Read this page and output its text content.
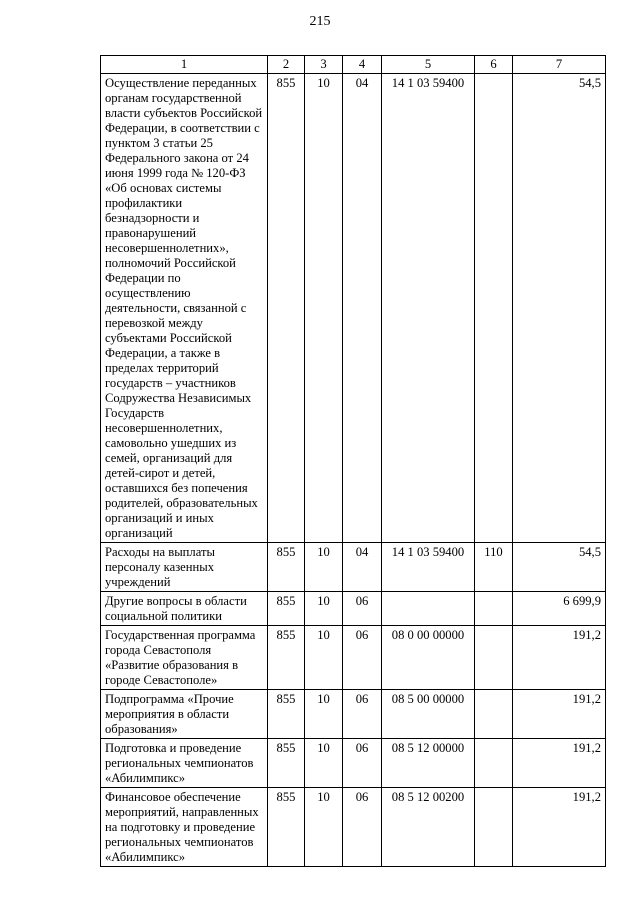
215
1	2	3	4	5	6	7
Осуществление переданных органам государственной власти субъектов Российской Федерации, в соответствии с пунктом 3 статьи 25 Федерального закона от 24 июня 1999 года № 120-ФЗ «Об основах системы профилактики безнадзорности и правонарушений несовершеннолетних», полномочий Российской Федерации по осуществлению деятельности, связанной с перевозкой между субъектами Российской Федерации, а также в пределах территорий государств – участников Содружества Независимых Государств несовершеннолетних, самовольно ушедших из семей, организаций для детей-сирот и детей, оставшихся без попечения родителей, образовательных организаций и иных организаций	855	10	04	14 1 03 59400		54,5
Расходы на выплаты персоналу казенных учреждений	855	10	04	14 1 03 59400	110	54,5
Другие вопросы в области социальной политики	855	10	06			6 699,9
Государственная программа города Севастополя «Развитие образования в городе Севастополе»	855	10	06	08 0 00 00000		191,2
Подпрограмма «Прочие мероприятия в области образования»	855	10	06	08 5 00 00000		191,2
Подготовка и проведение региональных чемпионатов «Абилимпикс»	855	10	06	08 5 12 00000		191,2
Финансовое обеспечение мероприятий, направленных на подготовку и проведение региональных чемпионатов «Абилимпикс»	855	10	06	08 5 12 00200		191,2
